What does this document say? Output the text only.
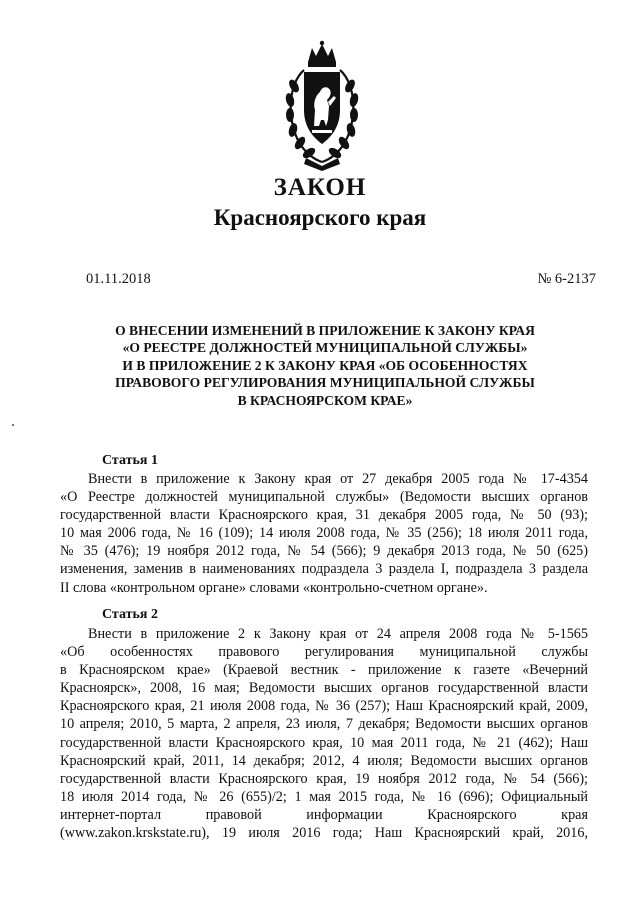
ЗАКОН
Красноярского края
01.11.2018	№ 6-2137
О ВНЕСЕНИИ ИЗМЕНЕНИЙ В ПРИЛОЖЕНИЕ К ЗАКОНУ КРАЯ
«О РЕЕСТРЕ ДОЛЖНОСТЕЙ МУНИЦИПАЛЬНОЙ СЛУЖБЫ»
И В ПРИЛОЖЕНИЕ 2 К ЗАКОНУ КРАЯ «ОБ ОСОБЕННОСТЯХ
ПРАВОВОГО РЕГУЛИРОВАНИЯ МУНИЦИПАЛЬНОЙ СЛУЖБЫ
В КРАСНОЯРСКОМ КРАЕ»
Статья 1
Внести в приложение к Закону края от 27 декабря 2005 года № 17-4354
«О Реестре должностей муниципальной службы» (Ведомости высших органов
государственной власти Красноярского края, 31 декабря 2005 года, № 50 (93);
10 мая 2006 года, № 16 (109); 14 июля 2008 года, № 35 (256); 18 июля 2011 года,
№ 35 (476); 19 ноября 2012 года, № 54 (566); 9 декабря 2013 года, № 50 (625)
изменения, заменив в наименованиях подраздела 3 раздела I, подраздела 3 раздела
II слова «контрольном органе» словами «контрольно-счетном органе».
Статья 2
Внести в приложение 2 к Закону края от 24 апреля 2008 года № 5-1565
«Об особенностях правового регулирования муниципальной службы
в Красноярском крае» (Краевой вестник - приложение к газете «Вечерний
Красноярск», 2008, 16 мая; Ведомости высших органов государственной власти
Красноярского края, 21 июля 2008 года, № 36 (257); Наш Красноярский край, 2009,
10 апреля; 2010, 5 марта, 2 апреля, 23 июля, 7 декабря; Ведомости высших органов
государственной власти Красноярского края, 10 мая 2011 года, № 21 (462); Наш
Красноярский край, 2011, 14 декабря; 2012, 4 июля; Ведомости высших органов
государственной власти Красноярского края, 19 ноября 2012 года, № 54 (566);
18 июля 2014 года, № 26 (655)/2; 1 мая 2015 года, № 16 (696); Официальный
интернет-портал правовой информации Красноярского края
(www.zakon.krskstate.ru), 19 июля 2016 года; Наш Красноярский край, 2016,
